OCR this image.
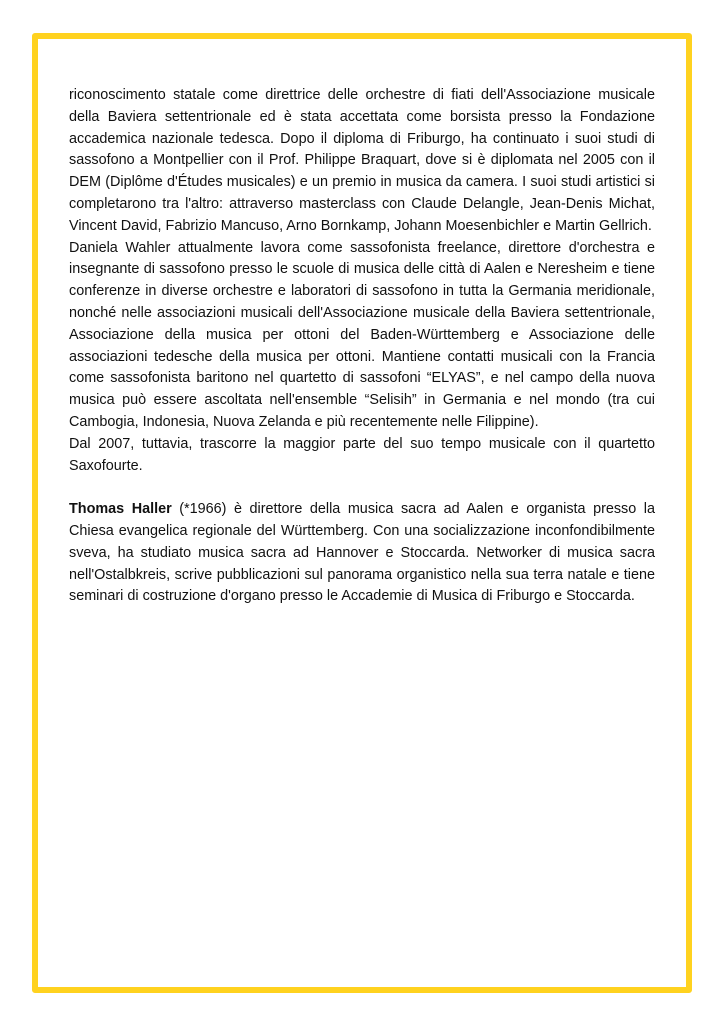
riconoscimento statale come direttrice delle orchestre di fiati dell'Associazione musicale della Baviera settentrionale ed è stata accettata come borsista presso la Fondazione accademica nazionale tedesca. Dopo il diploma di Friburgo, ha continuato i suoi studi di sassofono a Montpellier con il Prof. Philippe Braquart, dove si è diplomata nel 2005 con il DEM (Diplôme d'Études musicales) e un premio in musica da camera. I suoi studi artistici si completarono tra l'altro: attraverso masterclass con Claude Delangle, Jean-Denis Michat, Vincent David, Fabrizio Mancuso, Arno Bornkamp, Johann Moesenbichler e Martin Gellrich.

Daniela Wahler attualmente lavora come sassofonista freelance, direttore d'orchestra e insegnante di sassofono presso le scuole di musica delle città di Aalen e Neresheim e tiene conferenze in diverse orchestre e laboratori di sassofono in tutta la Germania meridionale, nonché nelle associazioni musicali dell'Associazione musicale della Baviera settentrionale, Associazione della musica per ottoni del Baden-Württemberg e Associazione delle associazioni tedesche della musica per ottoni. Mantiene contatti musicali con la Francia come sassofonista baritono nel quartetto di sassofoni “ELYAS”, e nel campo della nuova musica può essere ascoltata nell'ensemble “Selisih” in Germania e nel mondo (tra cui Cambogia, Indonesia, Nuova Zelanda e più recentemente nelle Filippine).

Dal 2007, tuttavia, trascorre la maggior parte del suo tempo musicale con il quartetto Saxofourte.

Thomas Haller (*1966) è direttore della musica sacra ad Aalen e organista presso la Chiesa evangelica regionale del Württemberg. Con una socializzazione inconfondibilmente sveva, ha studiato musica sacra ad Hannover e Stoccarda. Networker di musica sacra nell'Ostalbkreis, scrive pubblicazioni sul panorama organistico nella sua terra natale e tiene seminari di costruzione d'organo presso le Accademie di Musica di Friburgo e Stoccarda.
